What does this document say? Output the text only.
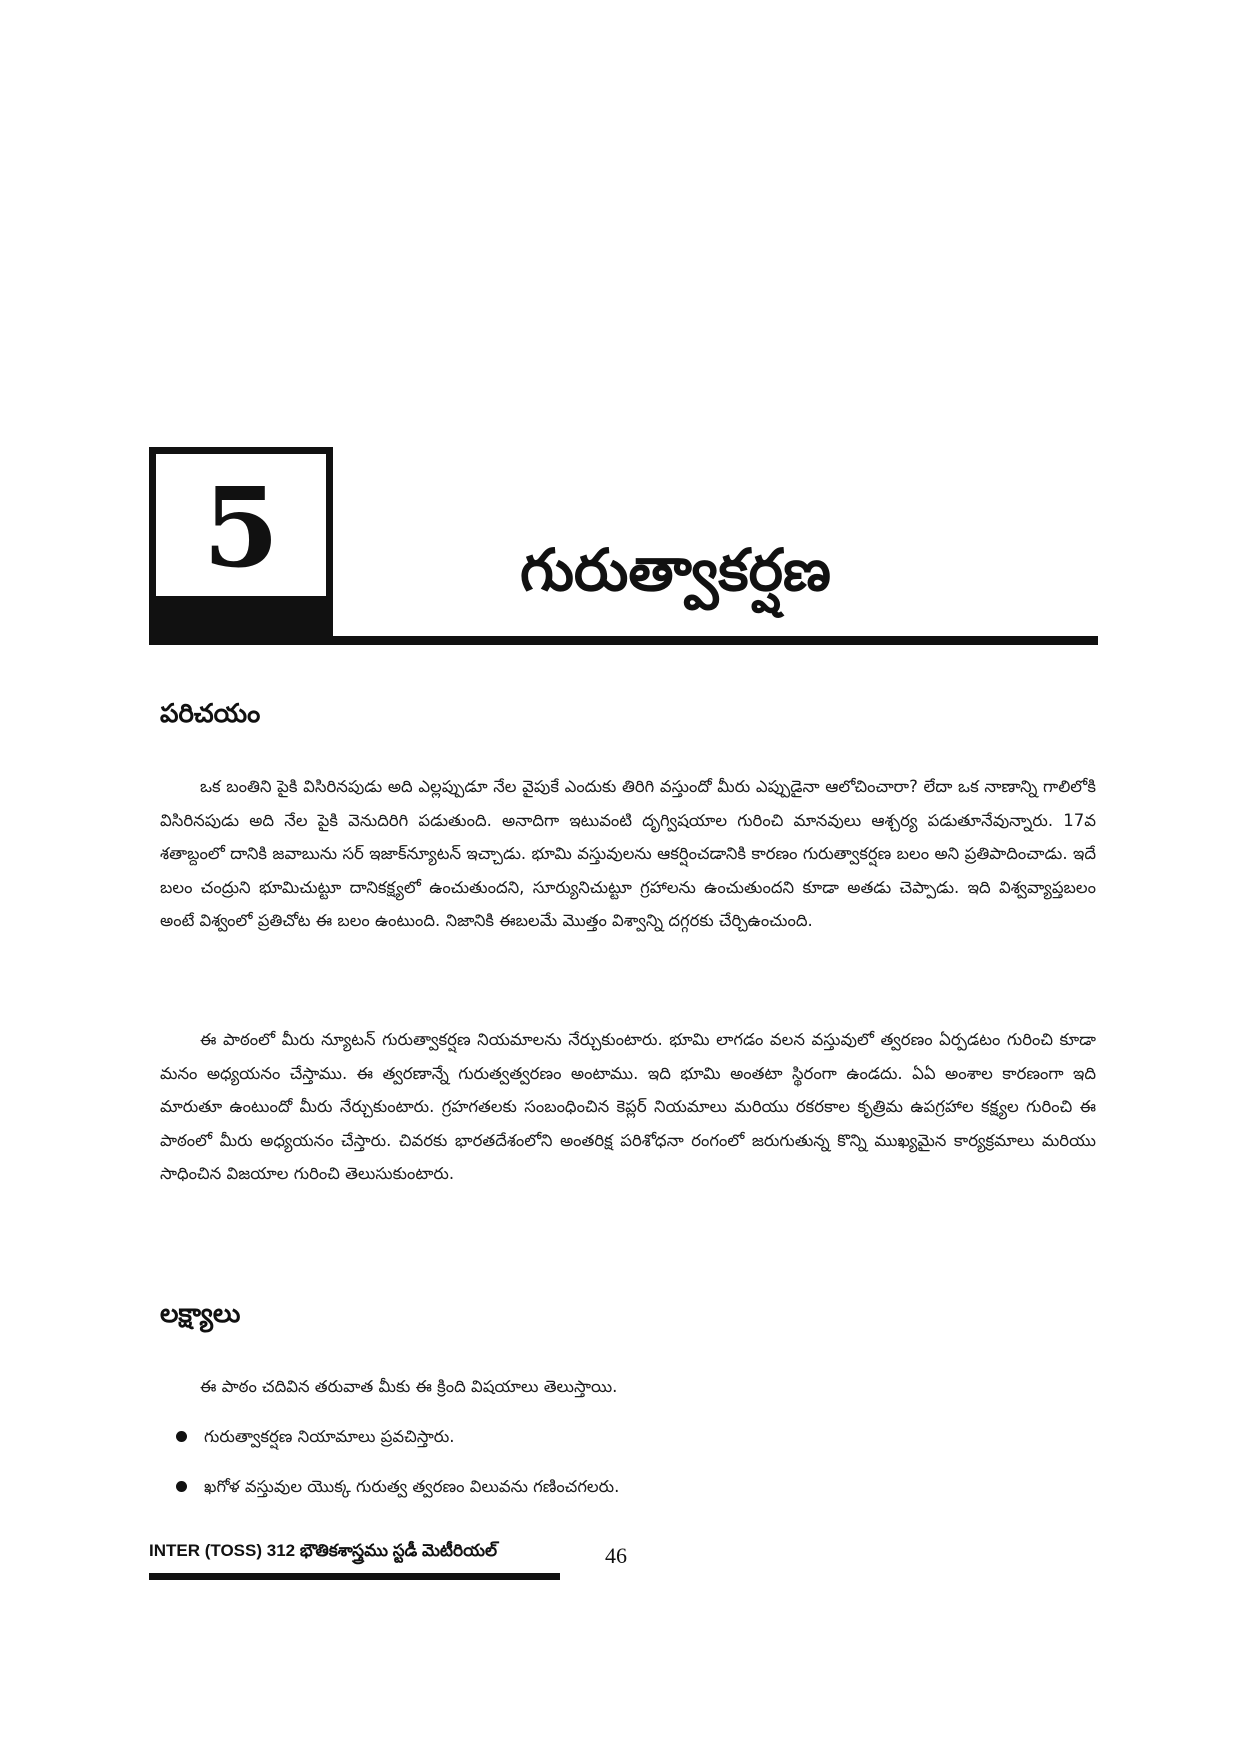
5	గురుత్వాకర్షణ
పరిచయం

ఒక బంతిని పైకి విసిరినపుడు అది ఎల్లప్పుడూ నేల వైపుకే ఎందుకు తిరిగి వస్తుందో మీరు ఎప్పుడైనా ఆలోచించారా? లేదా ఒక నాణాన్ని గాలిలోకి విసిరినపుడు అది నేల పైకి వెనుదిరిగి పడుతుంది. అనాదిగా ఇటువంటి దృగ్విషయాల గురించి మానవులు ఆశ్చర్య పడుతూనేవున్నారు. 17వ శతాబ్దంలో దానికి జవాబును సర్ ఇజాక్‌న్యూటన్ ఇచ్చాడు. భూమి వస్తువులను ఆకర్షించడానికి కారణం గురుత్వాకర్షణ బలం అని ప్రతిపాదించాడు. ఇదే బలం చంద్రుని భూమిచుట్టూ దానికక్ష్యలో ఉంచుతుందని, సూర్యునిచుట్టూ గ్రహాలను ఉంచుతుందని కూడా అతడు చెప్పాడు. ఇది విశ్వవ్యాప్తబలం అంటే విశ్వంలో ప్రతిచోట ఈ బలం ఉంటుంది. నిజానికి ఈబలమే మొత్తం విశ్వాన్ని దగ్గరకు చేర్చిఉంచుంది.

ఈ పాఠంలో మీరు న్యూటన్ గురుత్వాకర్షణ నియమాలను నేర్చుకుంటారు. భూమి లాగడం వలన వస్తువులో త్వరణం ఏర్పడటం గురించి కూడా మనం అధ్యయనం చేస్తాము. ఈ త్వరణాన్నే గురుత్వత్వరణం అంటాము. ఇది భూమి అంతటా స్థిరంగా ఉండదు. ఏఏ అంశాల కారణంగా ఇది మారుతూ ఉంటుందో మీరు నేర్చుకుంటారు. గ్రహగతలకు సంబంధించిన కెప్లర్ నియమాలు మరియు రకరకాల కృత్రిమ ఉపగ్రహాల కక్ష్యల గురించి ఈ పాఠంలో మీరు అధ్యయనం చేస్తారు. చివరకు భారతదేశంలోని అంతరిక్ష పరిశోధనా రంగంలో జరుగుతున్న కొన్ని ముఖ్యమైన కార్యక్రమాలు మరియు సాధించిన విజయాల గురించి తెలుసుకుంటారు.

లక్ష్యాలు
ఈ పాఠం చదివిన తరువాత మీకు ఈ క్రింది విషయాలు తెలుస్తాయి.
గురుత్వాకర్షణ నియామాలు ప్రవచిస్తారు.
ఖగోళ వస్తువుల యొక్క గురుత్వ త్వరణం విలువను గణించగలరు.
INTER (TOSS) 312 భౌతికశాస్త్రము స్టడీ మెటీరియల్	46
